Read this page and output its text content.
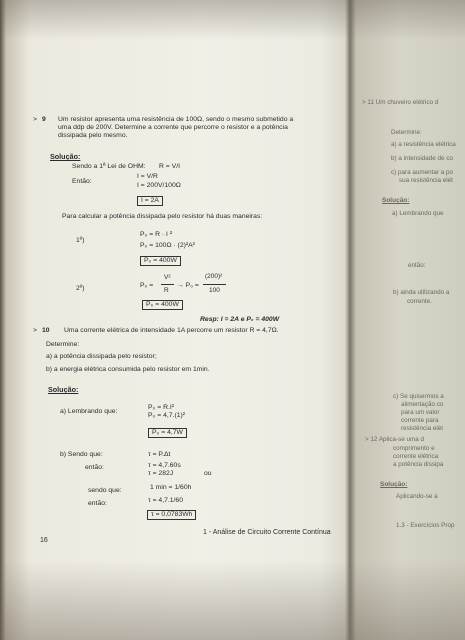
> 9 Um resistor apresenta uma resistência de 100Ω, sendo o mesmo submetido a
uma ddp de 200V. Determine a corrente que percorre o resistor e a potência
dissipada pelo mesmo.
Solução:
Sendo a 1ª Lei de OHM: R = V/I
Então:
I = V/R
I = 200V/100Ω
I = 2A
Para calcular a potência dissipada pelo resistor há duas maneiras:
1º)
P₀ = R · I ²
P₀ = 100Ω · (2)²A²
P₀ = 400W
2º)	P₀ =
V²
R
→ P₀ =
(200)²
100
P₀ = 400W
Resp: I = 2A e P₀ = 400W
> 10 Uma corrente elétrica de intensidade 1A percorre um resistor R = 4,7Ω.
Determine:
a) a potência dissipada pelo resistor;
b) a energia elétrica consumida pelo resistor em 1min.
Solução:
a) Lembrando que:
P₀ = R.I²
P₀ = 4,7.(1)²
P₀ = 4,7W
b) Sendo que:	τ = P.Δt
então:	τ = 4,7.60s
τ = 282J	ou
sendo que:	1 min = 1/60h
então:	τ = 4,7.1/60
τ = 0,0783Wh
16
1 - Análise de Circuito Corrente Contínua
> 11 Um chuveiro elétrico d
Determine:
a) a resistência elétrica
b) a intensidade de co
c) para aumentar a po
sua resistência elét
Solução:
a) Lembrando que
então:
b) ainda utilizando a
corrente.
c) Se quisermos a
alimentação co
para um valor
corrente para
resistência elét
> 12 Aplica-se uma d
comprimento e
corrente elétrica
a potência dissipa
Solução:
Aplicando-se a
1.3 - Exercícios Prop
